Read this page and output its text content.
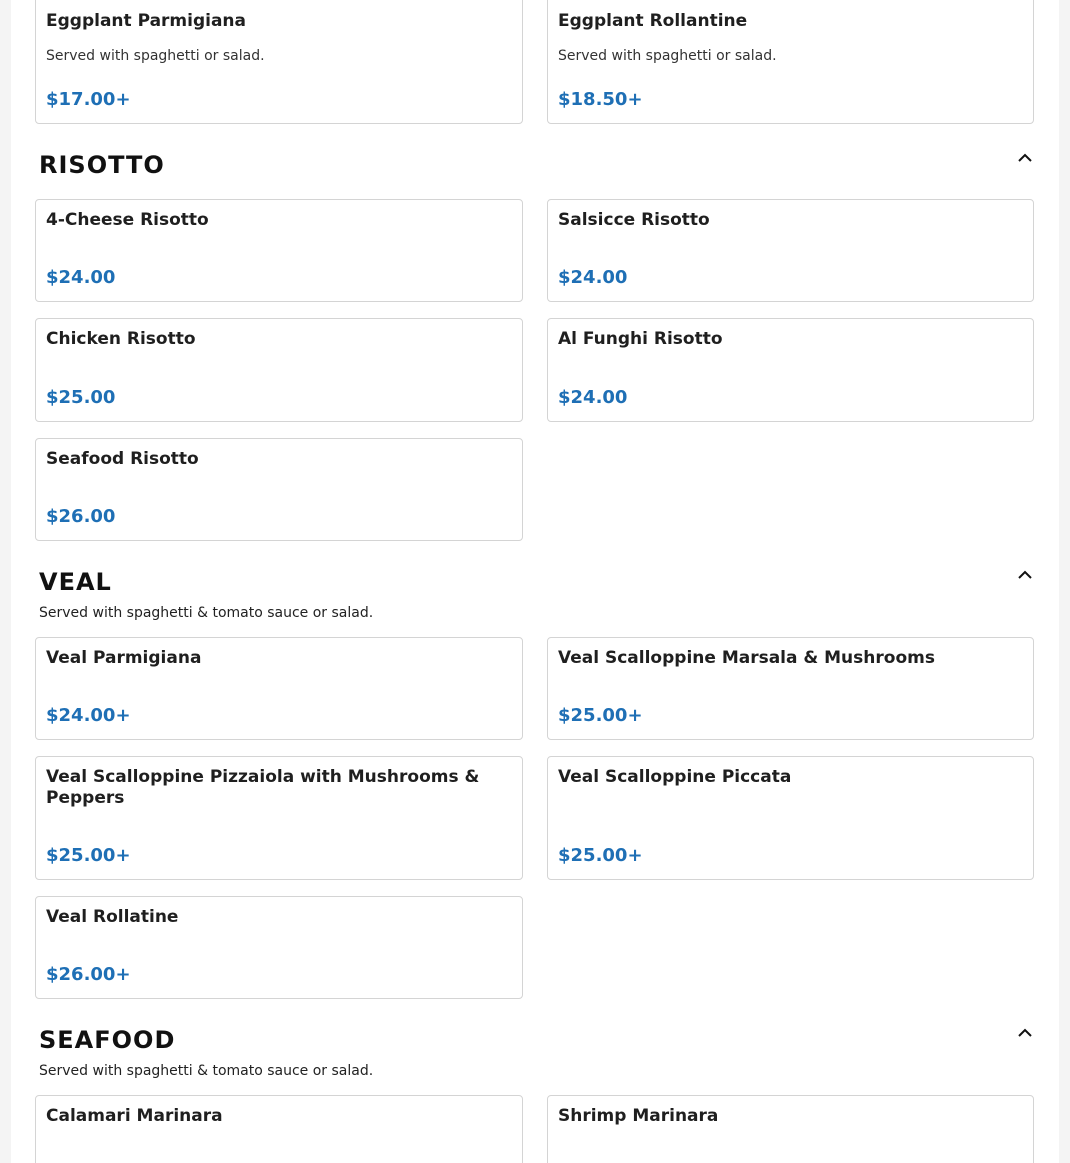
Eggplant Parmigiana
Served with spaghetti or salad.
$17.00+
Eggplant Rollantine
Served with spaghetti or salad.
$18.50+
RISOTTO
4-Cheese Risotto
$24.00
Salsicce Risotto
$24.00
Chicken Risotto
$25.00
Al Funghi Risotto
$24.00
Seafood Risotto
$26.00
VEAL
Served with spaghetti & tomato sauce or salad.
Veal Parmigiana
$24.00+
Veal Scalloppine Marsala & Mushrooms
$25.00+
Veal Scalloppine Pizzaiola with Mushrooms & Peppers
$25.00+
Veal Scalloppine Piccata
$25.00+
Veal Rollatine
$26.00+
SEAFOOD
Served with spaghetti & tomato sauce or salad.
Calamari Marinara	Shrimp Marinara
